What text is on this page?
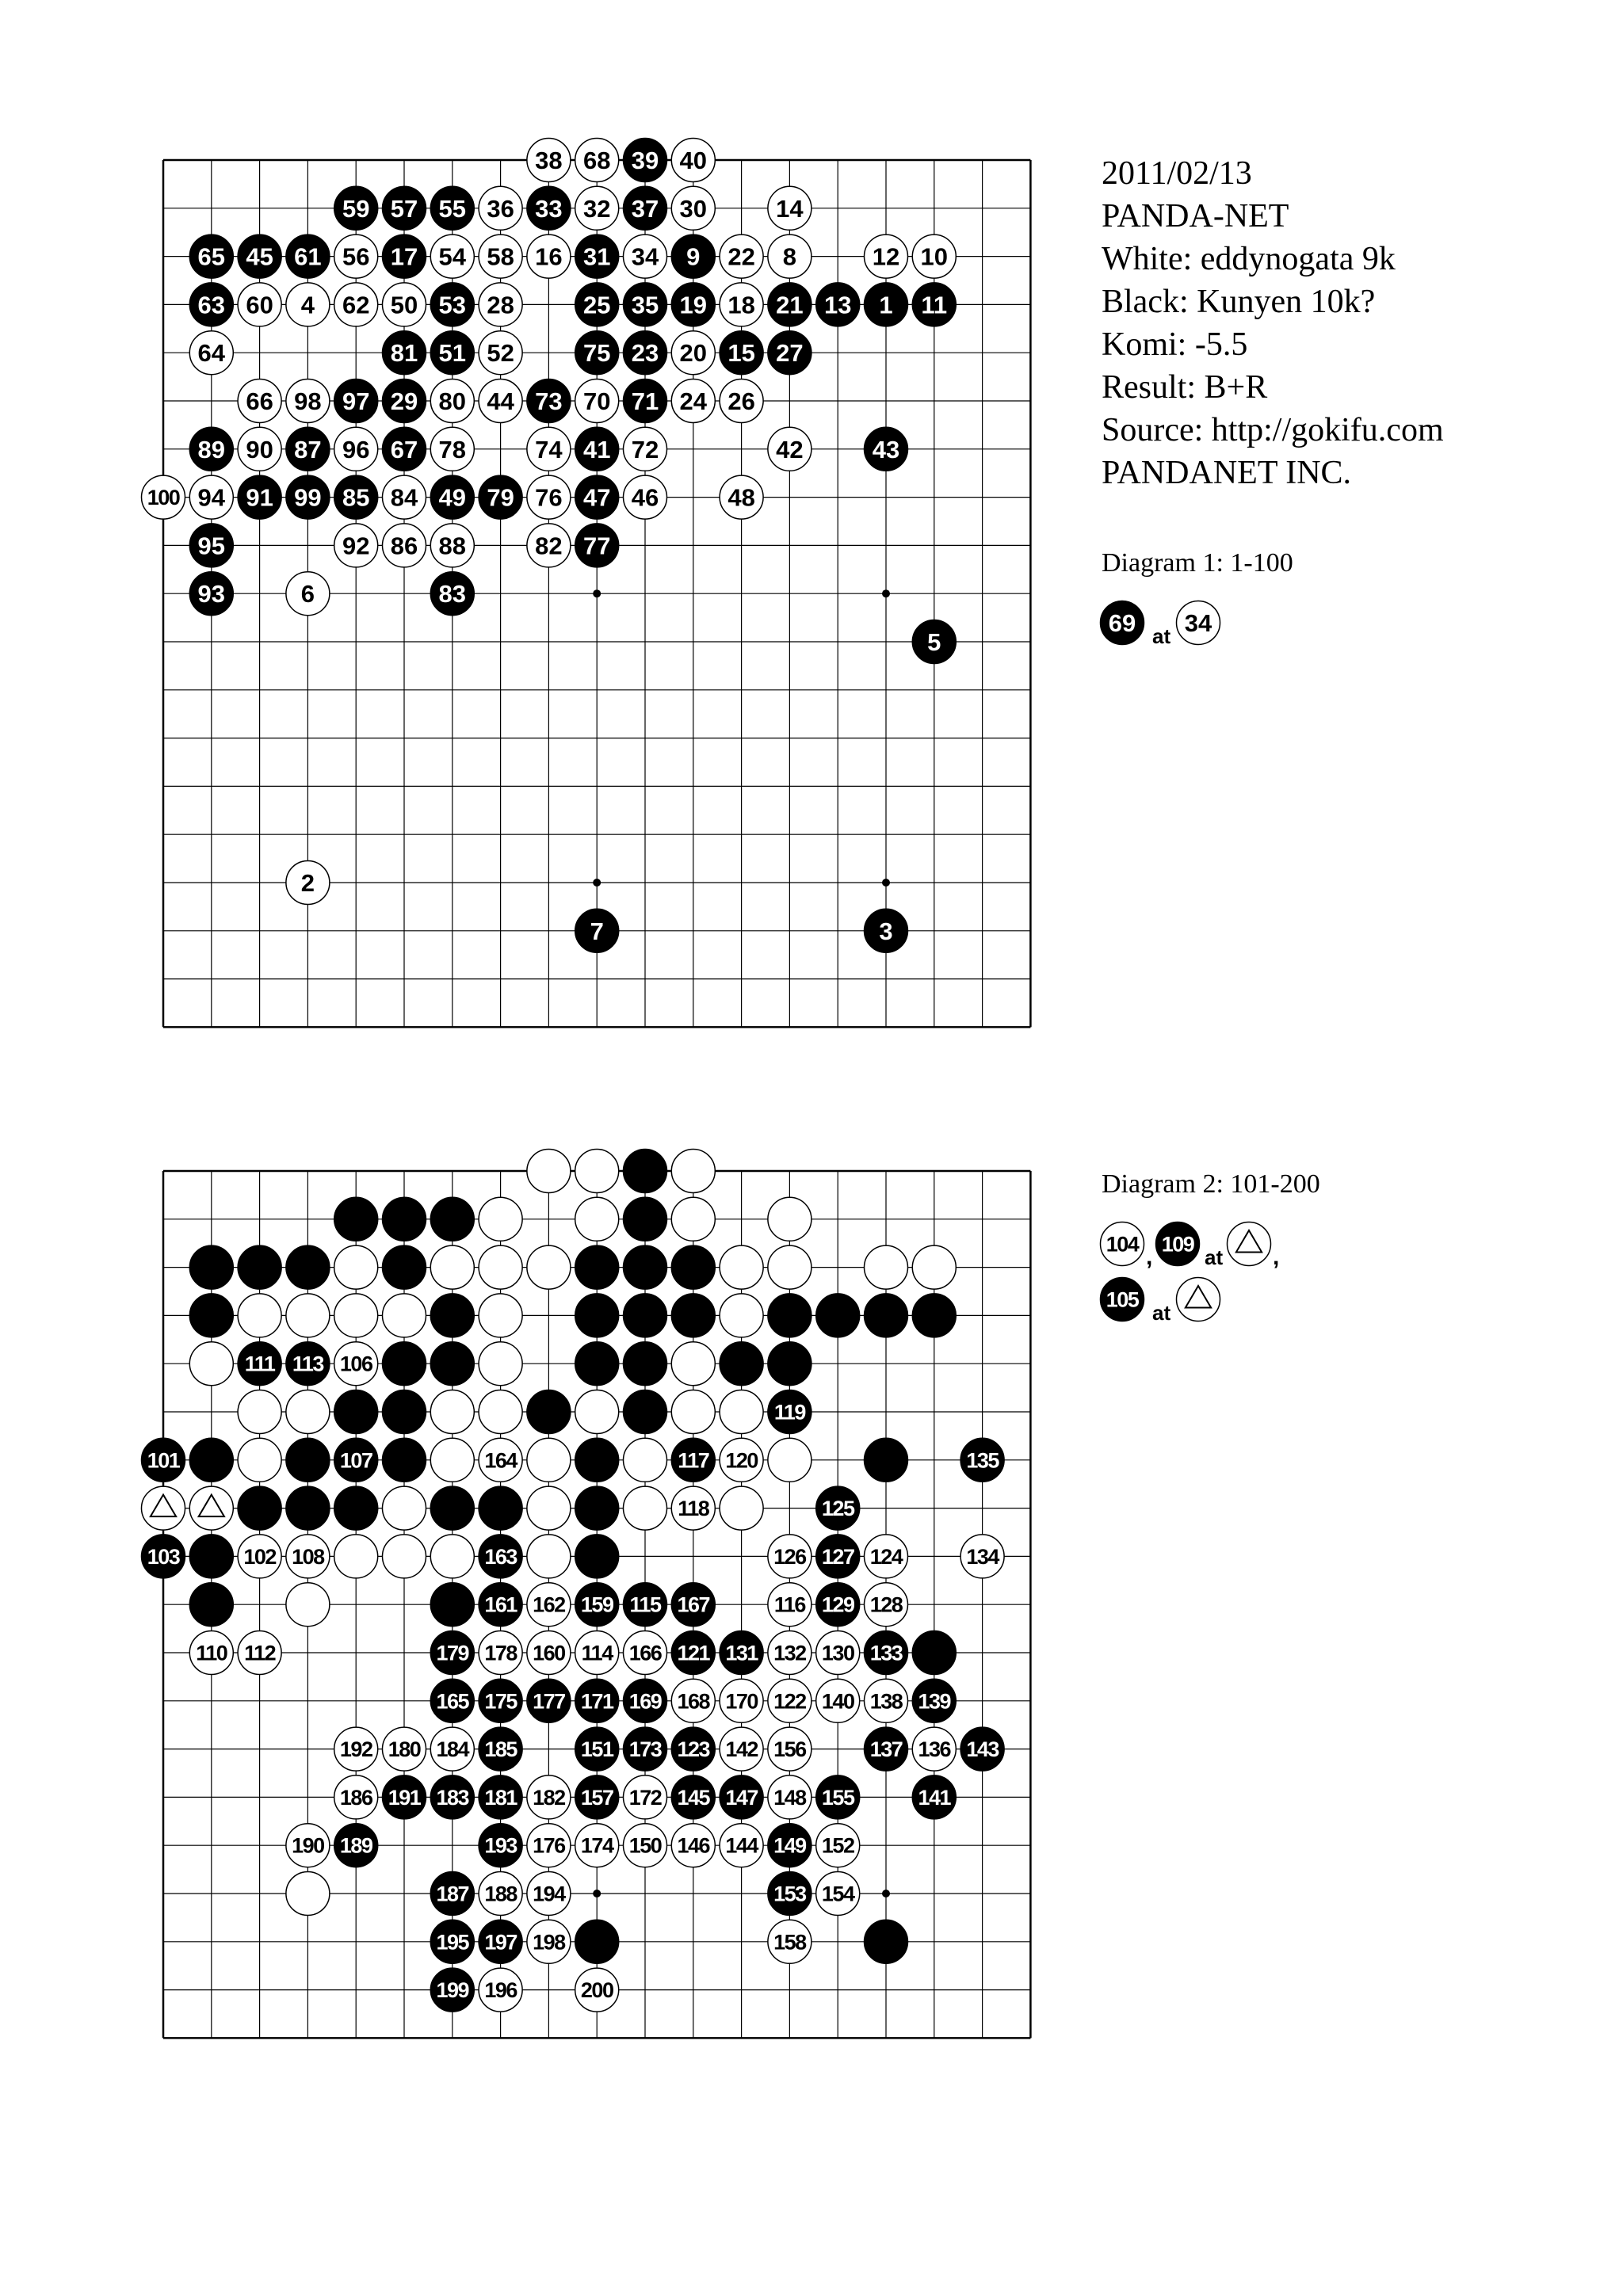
38 68 39 40
59 57 55 36 33 32 37 30	14
65 45 61 56 17 54 58 16 31 34 9 22 8	12 10
63 60 4 62 50 53 28	25 35 19 18 21 13 1 11
64	81 51 52	75 23 20 15 27
66 98 97 29 80 44 73 70 71 24 26
89 90 87 96 67 78	74 41 72	42	43
100 94 91 99 85 84 49 79 76 47 46	48
95	92 86 88	82 77
93	6	83
5
2
7	3
111 113 106
119
101	107	164	117 120	135
118	125
103	102 108	163	126 127 124	134
161 162 159 115 167	116 129 128
110 112	179 178 160 114 166 121 131 132 130 133
165 175 177 171 169 168 170 122 140 138 139
192 180 184 185	151 173 123 142 156	137 136 143
186 191 183 181 182 157 172 145 147 148 155	141
190 189	193 176 174 150 146 144 149 152
187 188 194	153 154
195 197 198	158
199 196	200
2011/02/13
PANDA-NET
White: eddynogata 9k
Black: Kunyen 10k?
Komi: -5.5
Result: B+R
Source: http://gokifu.com
PANDANET INC.
Diagram 1: 1-100
69 at 34
Diagram 2: 101-200
104 , 109
at ,
105
at
